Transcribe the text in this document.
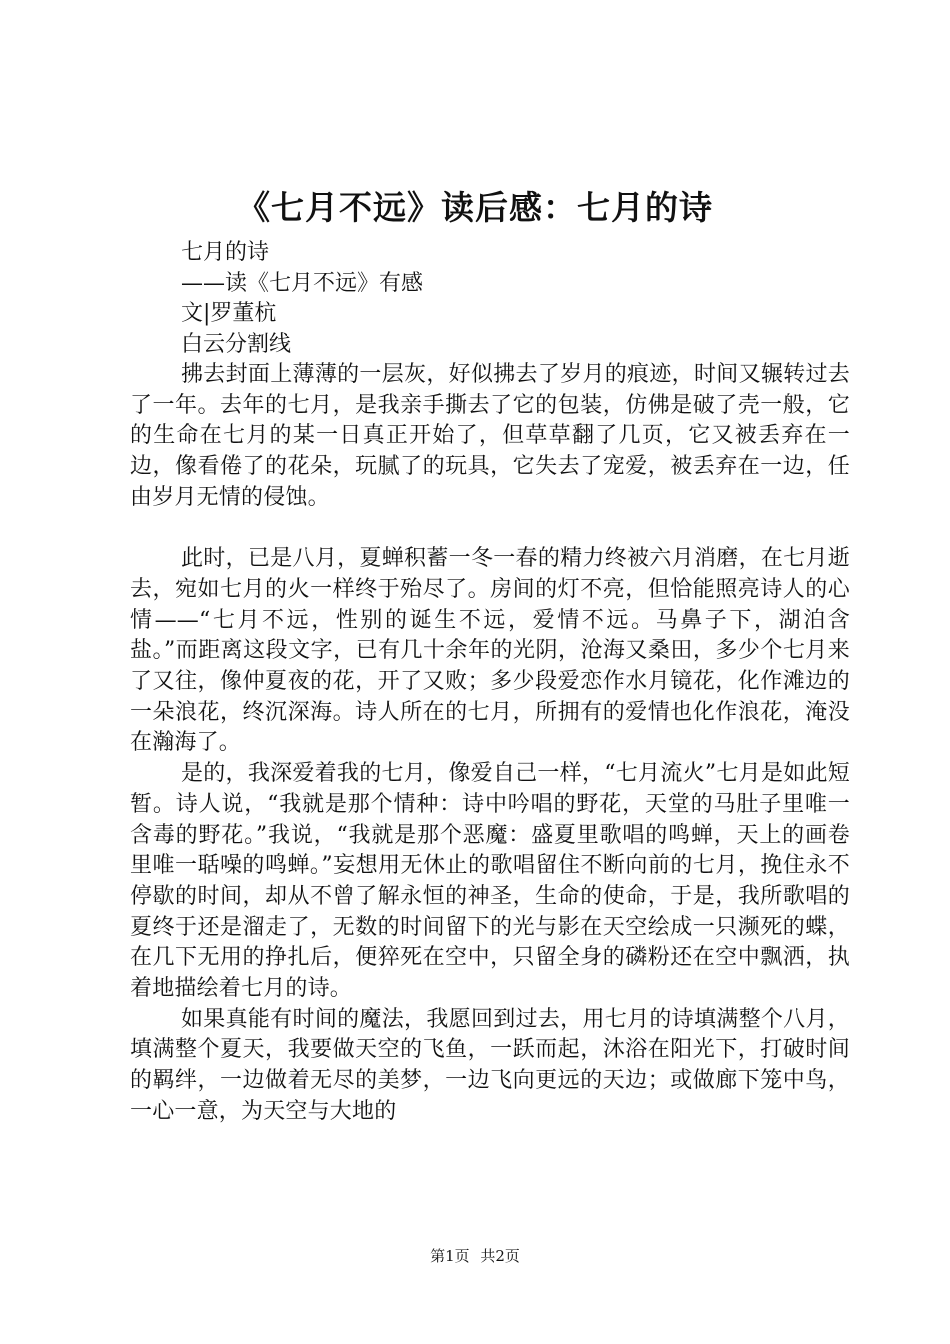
《七月不远》读后感：七月的诗
七月的诗
——读《七月不远》有感
文|罗董杭
白云分割线

拂去封面上薄薄的一层灰，好似拂去了岁月的痕迹，时间又辗转过去了一年。去年的七月，是我亲手撕去了它的包装，仿佛是破了壳一般，它的生命在七月的某一日真正开始了，但草草翻了几页，它又被丢弃在一边，像看倦了的花朵，玩腻了的玩具，它失去了宠爱，被丢弃在一边，任由岁月无情的侵蚀。

此时，已是八月，夏蝉积蓄一冬一春的精力终被六月消磨，在七月逝去，宛如七月的火一样终于殆尽了。房间的灯不亮，但恰能照亮诗人的心情——“七月不远，性别的诞生不远，爱情不远。马鼻子下，湖泊含盐。”而距离这段文字，已有几十余年的光阴，沧海又桑田，多少个七月来了又往，像仲夏夜的花，开了又败；多少段爱恋作水月镜花，化作滩边的一朵浪花，终沉深海。诗人所在的七月，所拥有的爱情也化作浪花，淹没在瀚海了。

是的，我深爱着我的七月，像爱自己一样，“七月流火”七月是如此短暂。诗人说，“我就是那个情种：诗中吟唱的野花，天堂的马肚子里唯一含毒的野花。”我说，“我就是那个恶魔：盛夏里歌唱的鸣蝉，天上的画卷里唯一聒噪的鸣蝉。”妄想用无休止的歌唱留住不断向前的七月，挽住永不停歇的时间，却从不曾了解永恒的神圣，生命的使命，于是，我所歌唱的夏终于还是溜走了，无数的时间留下的光与影在天空绘成一只濒死的蝶，在几下无用的挣扎后，便猝死在空中，只留全身的磷粉还在空中飘洒，执着地描绘着七月的诗。

如果真能有时间的魔法，我愿回到过去，用七月的诗填满整个八月，填满整个夏天，我要做天空的飞鱼，一跃而起，沐浴在阳光下，打破时间的羁绊，一边做着无尽的美梦，一边飞向更远的天边；或做廊下笼中鸟，一心一意，为天空与大地的

第1页 共2页
